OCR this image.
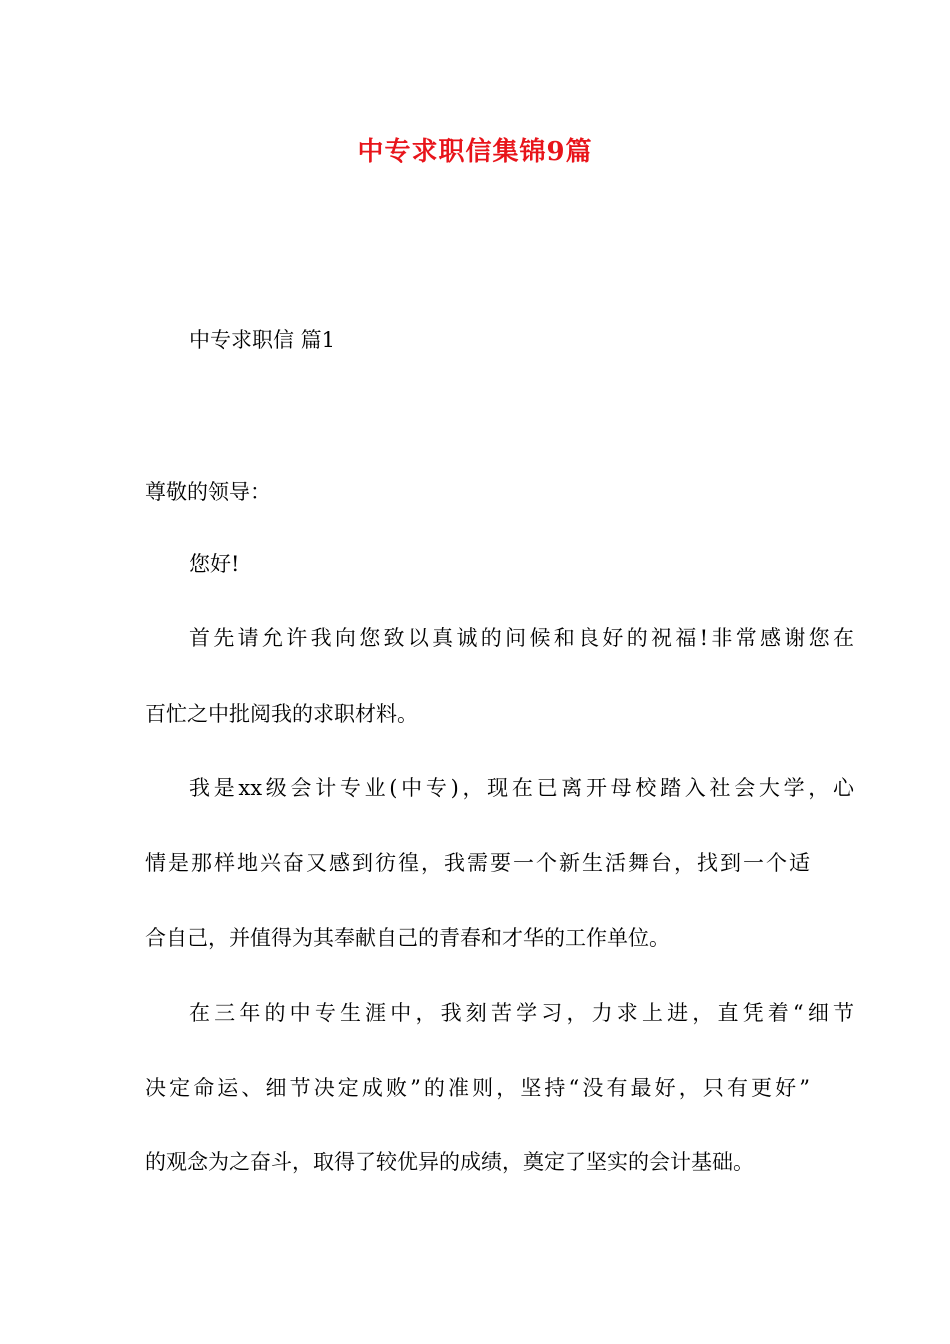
中专求职信集锦9篇
中专求职信 篇1
尊敬的领导：
您好!
首先请允许我向您致以真诚的问候和良好的祝福!非常感谢您在
百忙之中批阅我的求职材料。
我是xx级会计专业(中专)，现在已离开母校踏入社会大学，心
情是那样地兴奋又感到彷徨，我需要一个新生活舞台，找到一个适
合自己，并值得为其奉献自己的青春和才华的工作单位。
在三年的中专生涯中，我刻苦学习，力求上进，直凭着“细节
决定命运、细节决定成败”的准则，坚持“没有最好，只有更好”
的观念为之奋斗，取得了较优异的成绩，奠定了坚实的会计基础。
